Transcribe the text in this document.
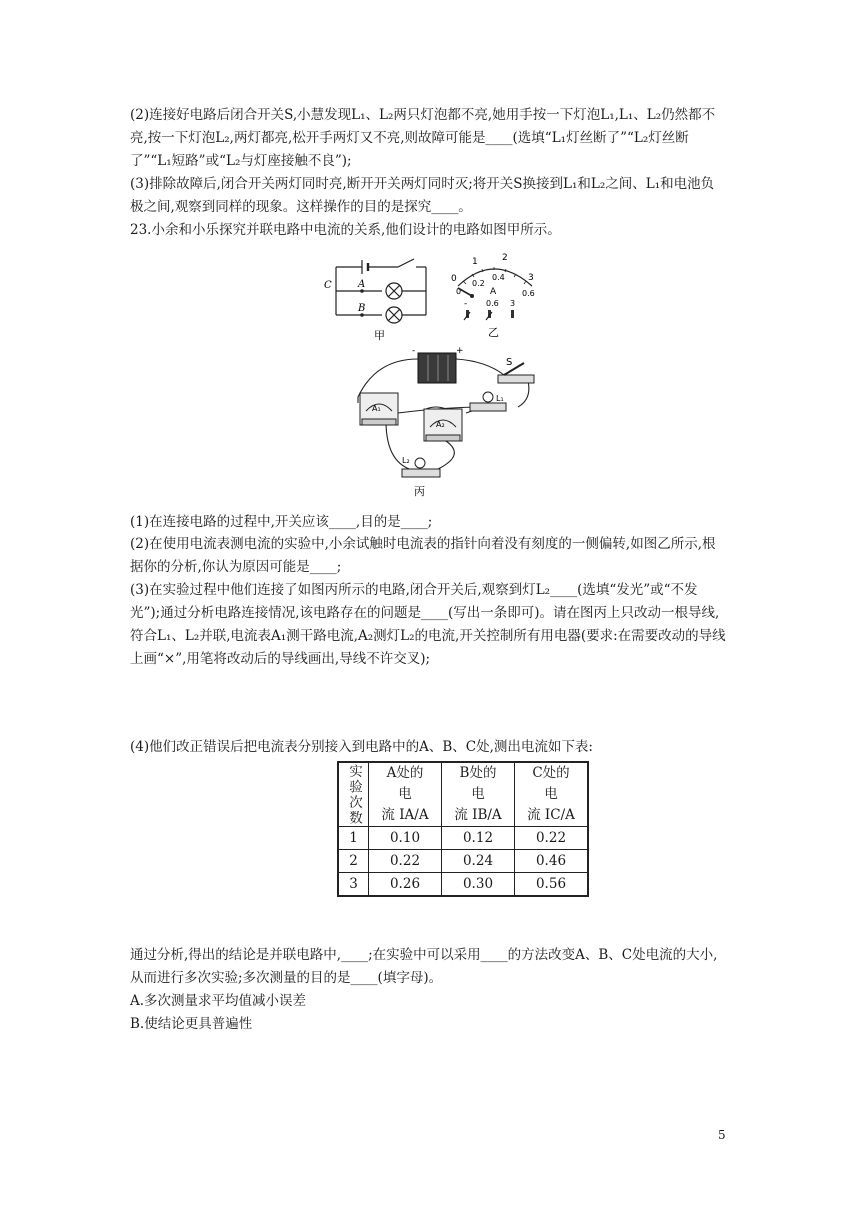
(2)连接好电路后闭合开关S,小慧发现L₁、L₂两只灯泡都不亮,她用手按一下灯泡L₁,L₁、L₂仍然都不亮,按一下灯泡L₂,两灯都亮,松开手两灯又不亮,则故障可能是____(选填“L₁灯丝断了”“L₂灯丝断了”“L₁短路”或“L₂与灯座接触不良”);

(3)排除故障后,闭合开关两灯同时亮,断开开关两灯同时灭;将开关S换接到L₁和L₂之间、L₁和电池负极之间,观察到同样的现象。这样操作的目的是探究____。

23.小余和小乐探究并联电路中电流的关系,他们设计的电路如图甲所示。

C	A
B
甲
0
1	2
3
0.2
0.4
0.6
A
0
- 0.6 3
乙
-	+
S
L₁
A₁
A₂
L₂
丙

(1)在连接电路的过程中,开关应该____,目的是____;

(2)在使用电流表测电流的实验中,小余试触时电流表的指针向着没有刻度的一侧偏转,如图乙所示,根据你的分析,你认为原因可能是____;

(3)在实验过程中他们连接了如图丙所示的电路,闭合开关后,观察到灯L₂____(选填“发光”或“不发光”);通过分析电路连接情况,该电路存在的问题是____(写出一条即可)。请在图丙上只改动一根导线,符合L₁、L₂并联,电流表A₁测干路电流,A₂测灯L₂的电流,开关控制所有用电器(要求:在需要改动的导线上画“×”,用笔将改动后的导线画出,导线不许交叉);

(4)他们改正错误后把电流表分别接入到电路中的A、B、C处,测出电流如下表:

实验次数	A处的
电
流 IA/A	B处的
电
流 IB/A	C处的
电
流 IC/A
1	0.10	0.12	0.22
2	0.22	0.24	0.46
3	0.26	0.30	0.56

通过分析,得出的结论是并联电路中,____;在实验中可以采用____的方法改变A、B、C处电流的大小,从而进行多次实验;多次测量的目的是____(填字母)。

A.多次测量求平均值减小误差

B.使结论更具普遍性

5
